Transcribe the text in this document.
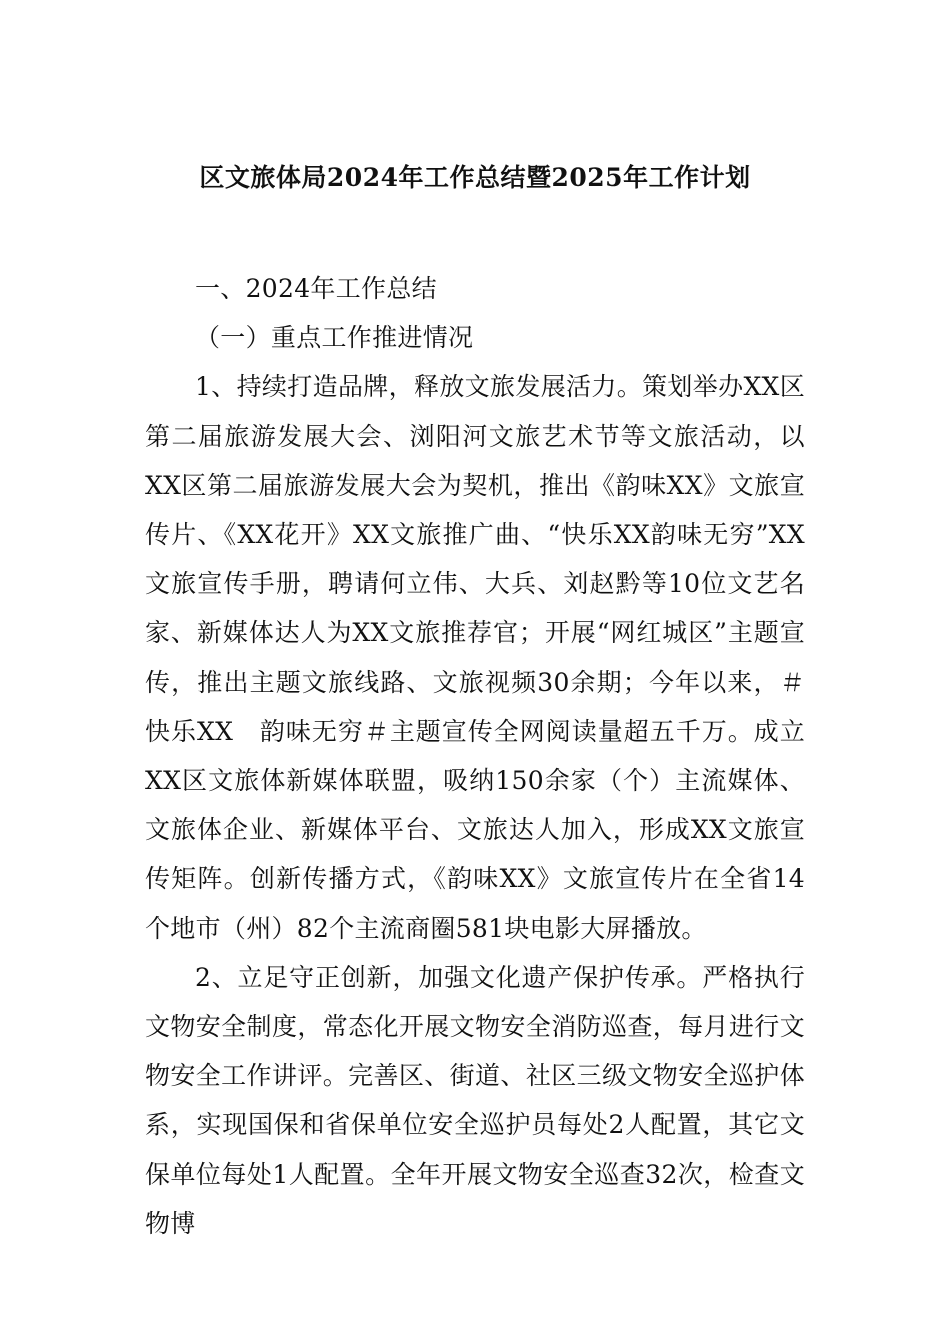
区文旅体局2024年工作总结暨2025年工作计划

一、2024年工作总结

（一）重点工作推进情况

1、持续打造品牌，释放文旅发展活力。策划举办XX区第二届旅游发展大会、浏阳河文旅艺术节等文旅活动，以XX区第二届旅游发展大会为契机，推出《韵味XX》文旅宣传片、《XX花开》XX文旅推广曲、“快乐XX韵味无穷”XX文旅宣传手册，聘请何立伟、大兵、刘赵黔等10位文艺名家、新媒体达人为XX文旅推荐官；开展“网红城区”主题宣传，推出主题文旅线路、文旅视频30余期；今年以来，＃快乐XX　韵味无穷＃主题宣传全网阅读量超五千万。成立XX区文旅体新媒体联盟，吸纳150余家（个）主流媒体、文旅体企业、新媒体平台、文旅达人加入，形成XX文旅宣传矩阵。创新传播方式，《韵味XX》文旅宣传片在全省14个地市（州）82个主流商圈581块电影大屏播放。

2、立足守正创新，加强文化遗产保护传承。严格执行文物安全制度，常态化开展文物安全消防巡查，每月进行文物安全工作讲评。完善区、街道、社区三级文物安全巡护体系，实现国保和省保单位安全巡护员每处2人配置，其它文保单位每处1人配置。全年开展文物安全巡查32次，检查文物博
